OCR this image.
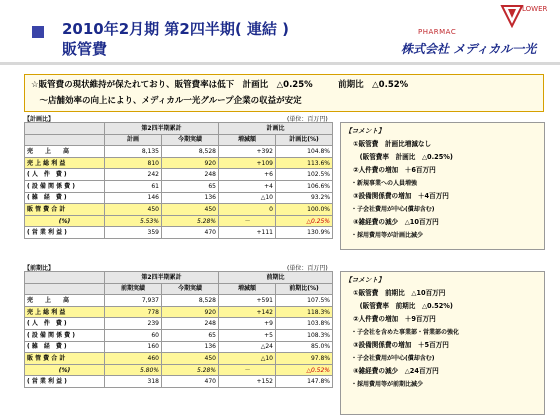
2010年2月期 第2四半期( 連結 )
販管費
LOWER
PHARMAC
株式会社 メディカル一光
☆販管費の現状維持が保たれており、販管費率は低下　計画比　△0.25%　　　前期比　△0.52%
　～店舗効率の向上により、メディカル一光グループ企業の収益が安定
【計画比】	(単位：百万円)
	第2四半期累計		計画比	
	計画	今期実績	増減額	計画比(%)
売　　上　　高	8,135	8,528	+392	104.8%
売 上 総 利 益	810	920	+109	113.6%
( 人　件　費 )	242	248	+6	102.5%
( 設 備 関 係 費 )	61	65	+4	106.6%
( 雑　経　費 )	146	136	△10	93.2%
販 管 費 合 計	450	450	0	100.0%
(%)	5.53%	5.28%	－	△0.25%
( 営 業 利 益 )	359	470	+111	130.9%
【コメント】
①販管費　計画比増減なし
　(販管費率　計画比　△0.25%)
②人件費の増加　＋6百万円
・新規事業への人員増強
③設備関係費の増加　＋4百万円
・子会社費用が中心(償却含む)
④雑経費の減少　△10百万円
・採用費用等が計画比減少
【前期比】	(単位：百万円)
	第2四半期累計		前期比	
	前期実績	今期実績	増減額	前期比(%)
売　　上　　高	7,937	8,528	+591	107.5%
売 上 総 利 益	778	920	+142	118.3%
( 人　件　費 )	239	248	+9	103.8%
( 設 備 関 係 費 )	60	65	+5	108.3%
( 雑　経　費 )	160	136	△24	85.0%
販 管 費 合 計	460	450	△10	97.8%
(%)	5.80%	5.28%	－	△0.52%
( 営 業 利 益 )	318	470	+152	147.8%
【コメント】
①販管費　前期比　△10百万円
　(販管費率　前期比　△0.52%)
②人件費の増加　＋9百万円
・子会社を含めた事業部・営業部の強化
③設備関係費の増加　＋5百万円
・子会社費用が中心(償却含む)
④雑経費の減少　△24百万円
・採用費用等が前期比減少
